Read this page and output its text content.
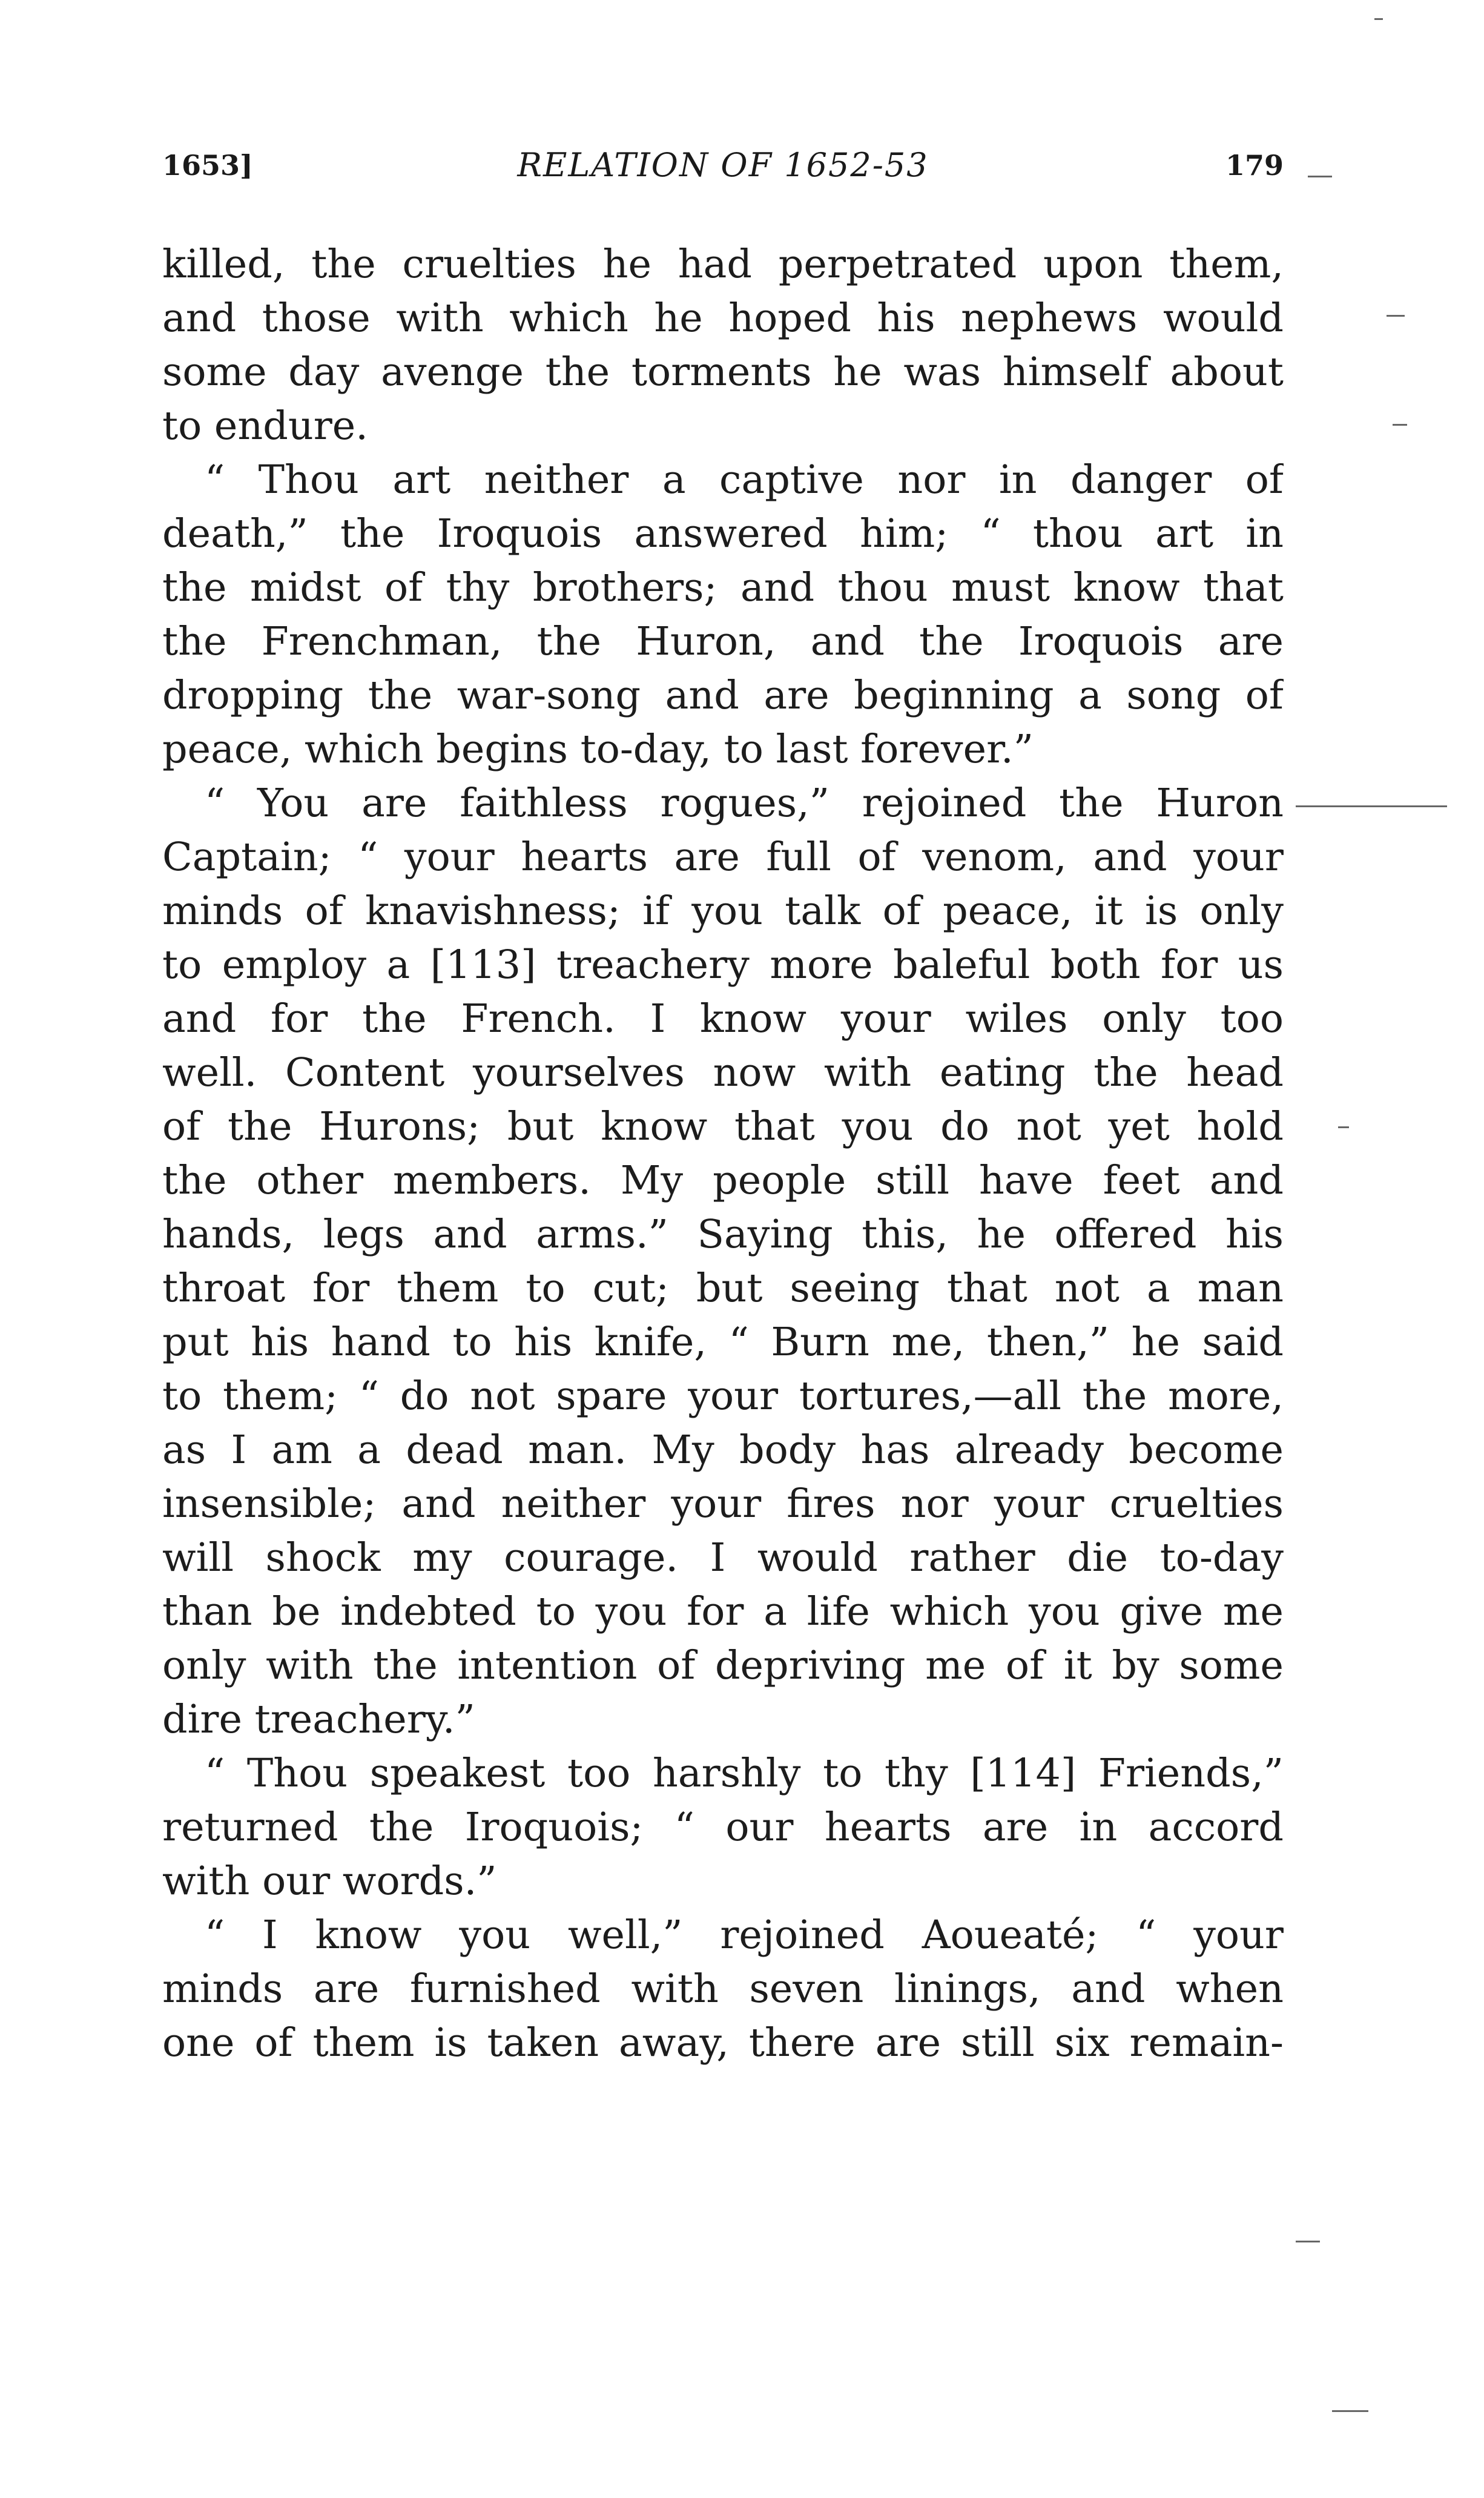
1653]	RELATION OF 1652-53	179
killed, the cruelties he had perpetrated upon them,
and those with which he hoped his nephews would
some day avenge the torments he was himself about
to endure.
“ Thou art neither a captive nor in danger of
death,” the Iroquois answered him; “ thou art in
the midst of thy brothers; and thou must know that
the Frenchman, the Huron, and the Iroquois are
dropping the war-song and are beginning a song of
peace, which begins to-day, to last forever.”
“ You are faithless rogues,” rejoined the Huron
Captain; “ your hearts are full of venom, and your
minds of knavishness; if you talk of peace, it is only
to employ a [113] treachery more baleful both for us
and for the French. I know your wiles only too
well. Content yourselves now with eating the head
of the Hurons; but know that you do not yet hold
the other members. My people still have feet and
hands, legs and arms.” Saying this, he offered his
throat for them to cut; but seeing that not a man
put his hand to his knife, “ Burn me, then,” he said
to them; “ do not spare your tortures,—all the more,
as I am a dead man. My body has already become
insensible; and neither your fires nor your cruelties
will shock my courage. I would rather die to-day
than be indebted to you for a life which you give me
only with the intention of depriving me of it by some
dire treachery.”
“ Thou speakest too harshly to thy [114] Friends,”
returned the Iroquois; “ our hearts are in accord
with our words.”
“ I know you well,” rejoined Aoueaté; “ your
minds are furnished with seven linings, and when
one of them is taken away, there are still six remain-
